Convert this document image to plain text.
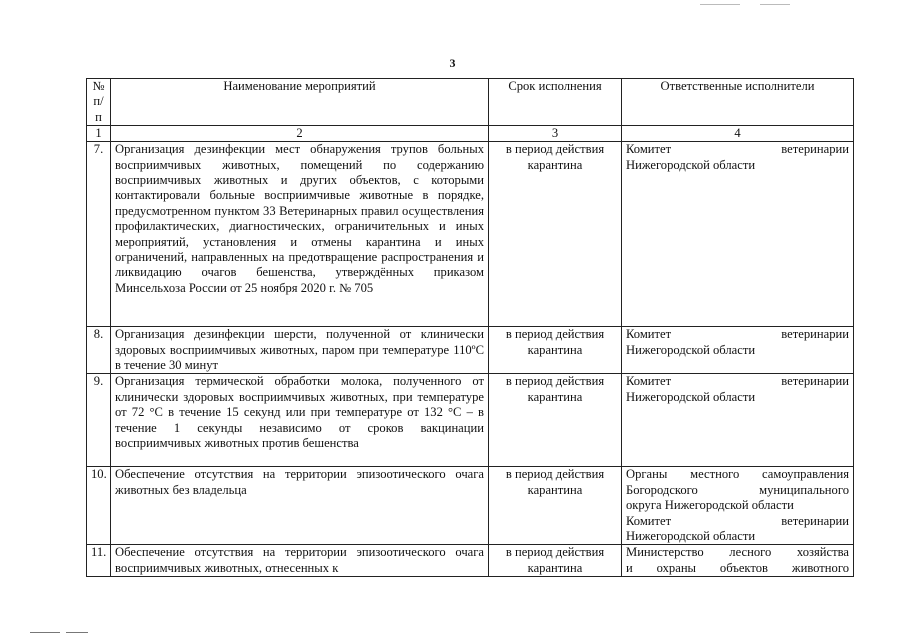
3
№ п/п	Наименование мероприятий	Срок исполнения	Ответственные исполнители
1	2	3	4
7.	Организация дезинфекции мест обнаружения трупов больных восприимчивых животных, помещений по содержанию восприимчивых животных и других объектов, с которыми контактировали больные восприимчивые животные в порядке, предусмотренном пунктом 33 Ветеринарных правил осуществления профилактических, диагностических, ограничительных и иных мероприятий, установления и отмены карантина и иных ограничений, направленных на предотвращение распространения и ликвидацию очагов бешенства, утверждённых приказом Минсельхоза России от 25 ноября 2020 г. № 705	в период действия карантина	Комитет ветеринарии
Нижегородской области

8.	Организация дезинфекции шерсти, полученной от клинически здоровых восприимчивых животных, паром при температуре 110ºС в течение 30 минут	в период действия карантина	Комитет ветеринарии
Нижегородской области

9.	Организация термической обработки молока, полученного от клинически здоровых восприимчивых животных, при температуре от 72 °С в течение 15 секунд или при температуре от 132 °С – в течение 1 секунды независимо от сроков вакцинации восприимчивых животных против бешенства	в период действия карантина	Комитет ветеринарии
Нижегородской области

10.	Обеспечение отсутствия на территории эпизоотического очага животных без владельца	в период действия карантина	Органы местного самоуправления
Богородского муниципального
округа Нижегородской области
Комитет ветеринарии
Нижегородской области

11.	Обеспечение отсутствия на территории эпизоотического очага восприимчивых животных, отнесенных к	в период действия карантина	Министерство лесного хозяйства
и охраны объектов животного
